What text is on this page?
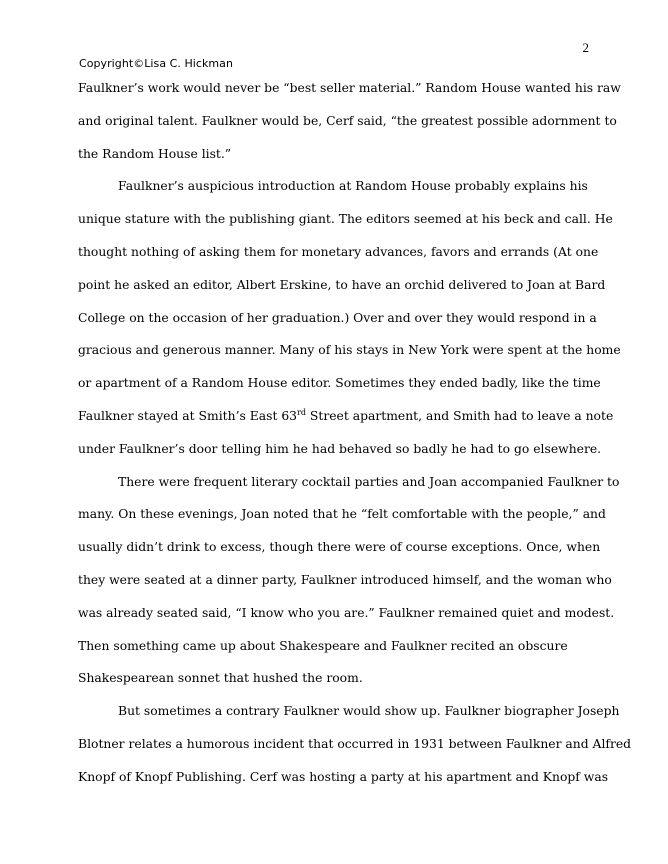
2
Copyright©Lisa C. Hickman
Faulkner’s work would never be “best seller material.” Random House wanted his raw
and original talent. Faulkner would be, Cerf said, “the greatest possible adornment to
the Random House list.”
Faulkner’s auspicious introduction at Random House probably explains his
unique stature with the publishing giant. The editors seemed at his beck and call. He
thought nothing of asking them for monetary advances, favors and errands (At one
point he asked an editor, Albert Erskine, to have an orchid delivered to Joan at Bard
College on the occasion of her graduation.) Over and over they would respond in a
gracious and generous manner. Many of his stays in New York were spent at the home
or apartment of a Random House editor. Sometimes they ended badly, like the time
Faulkner stayed at Smith’s East 63rd Street apartment, and Smith had to leave a note
under Faulkner’s door telling him he had behaved so badly he had to go elsewhere.
There were frequent literary cocktail parties and Joan accompanied Faulkner to
many. On these evenings, Joan noted that he “felt comfortable with the people,” and
usually didn’t drink to excess, though there were of course exceptions. Once, when
they were seated at a dinner party, Faulkner introduced himself, and the woman who
was already seated said, “I know who you are.” Faulkner remained quiet and modest.
Then something came up about Shakespeare and Faulkner recited an obscure
Shakespearean sonnet that hushed the room.
But sometimes a contrary Faulkner would show up. Faulkner biographer Joseph
Blotner relates a humorous incident that occurred in 1931 between Faulkner and Alfred
Knopf of Knopf Publishing. Cerf was hosting a party at his apartment and Knopf was
